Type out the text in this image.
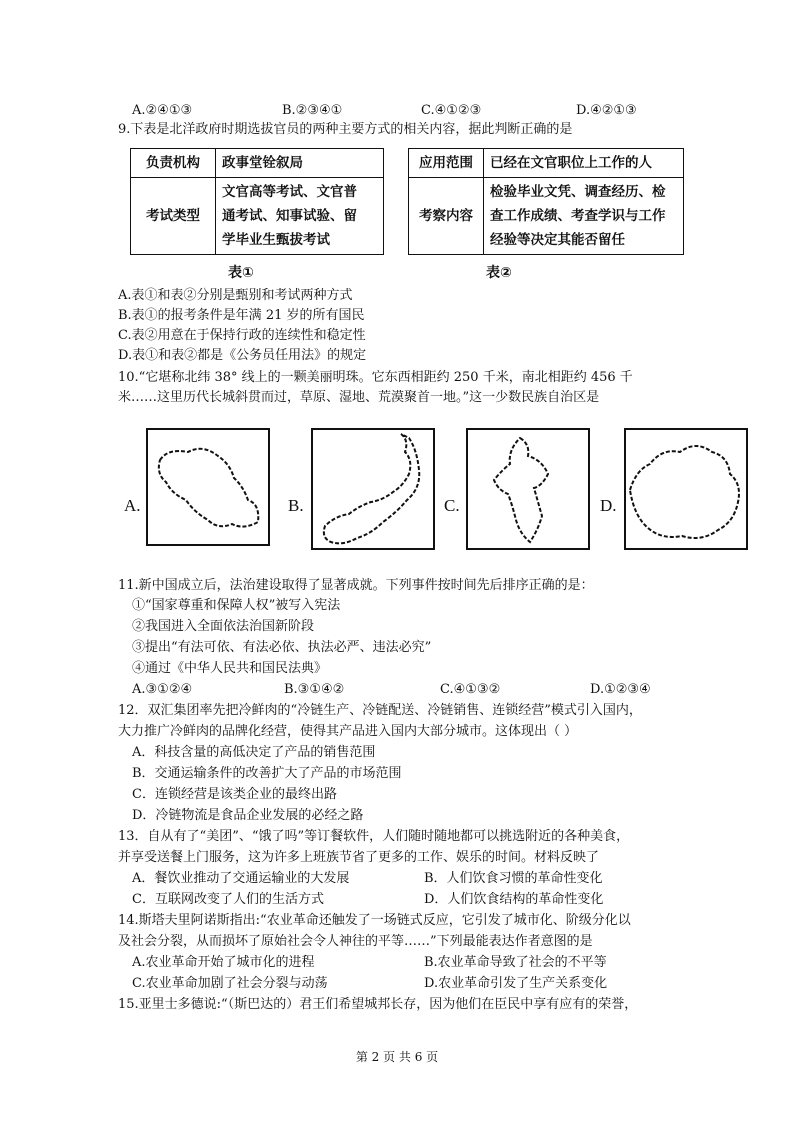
A.②④①③	B.②③④①	C.④①②③	D.④②①③
9.下表是北洋政府时期选拔官员的两种主要方式的相关内容，据此判断正确的是
负责机构	政事堂铨叙局
考试类型	文官高等考试、文官普
通考试、知事试验、留
学毕业生甄拔考试
表①
应用范围	已经在文官职位上工作的人
考察内容	检验毕业文凭、调查经历、检
查工作成绩、考查学识与工作
经验等决定其能否留任
表②
A.表①和表②分别是甄别和考试两种方式
B.表①的报考条件是年满 21 岁的所有国民
C.表②用意在于保持行政的连续性和稳定性
D.表①和表②都是《公务员任用法》的规定
10.“它堪称北纬 38° 线上的一颗美丽明珠。它东西相距约 250 千米，南北相距约 456 千
米……这里历代长城斜贯而过，草原、湿地、荒漠聚首一地。”这一少数民族自治区是
A.	B.	C.	D.
11.新中国成立后，法治建设取得了显著成就。下列事件按时间先后排序正确的是：
①“国家尊重和保障人权”被写入宪法
②我国进入全面依法治国新阶段
③提出“有法可依、有法必依、执法必严、违法必究”
④通过《中华人民共和国民法典》
A.③①②④	B.③①④②	C.④①③②	D.①②③④
12．双汇集团率先把冷鲜肉的“冷链生产、冷链配送、冷链销售、连锁经营”模式引入国内，
大力推广冷鲜肉的品牌化经营，使得其产品进入国内大部分城市。这体现出（ ）
A．科技含量的高低决定了产品的销售范围
B．交通运输条件的改善扩大了产品的市场范围
C．连锁经营是该类企业的最终出路
D．冷链物流是食品企业发展的必经之路
13．自从有了“美团”、“饿了吗”等订餐软件，人们随时随地都可以挑选附近的各种美食，
并享受送餐上门服务，这为许多上班族节省了更多的工作、娱乐的时间。材料反映了
A．餐饮业推动了交通运输业的大发展	B．人们饮食习惯的革命性变化
C．互联网改变了人们的生活方式	D．人们饮食结构的革命性变化
14.斯塔夫里阿诺斯指出:“农业革命还触发了一场链式反应，它引发了城市化、阶级分化以
及社会分裂，从而损坏了原始社会令人神往的平等……”下列最能表达作者意图的是
A.农业革命开始了城市化的进程	B.农业革命导致了社会的不平等
C.农业革命加剧了社会分裂与动荡	D.农业革命引发了生产关系变化
15.亚里士多德说:“（斯巴达的）君王们希望城邦长存，因为他们在臣民中享有应有的荣誉，
第 2 页 共 6 页
